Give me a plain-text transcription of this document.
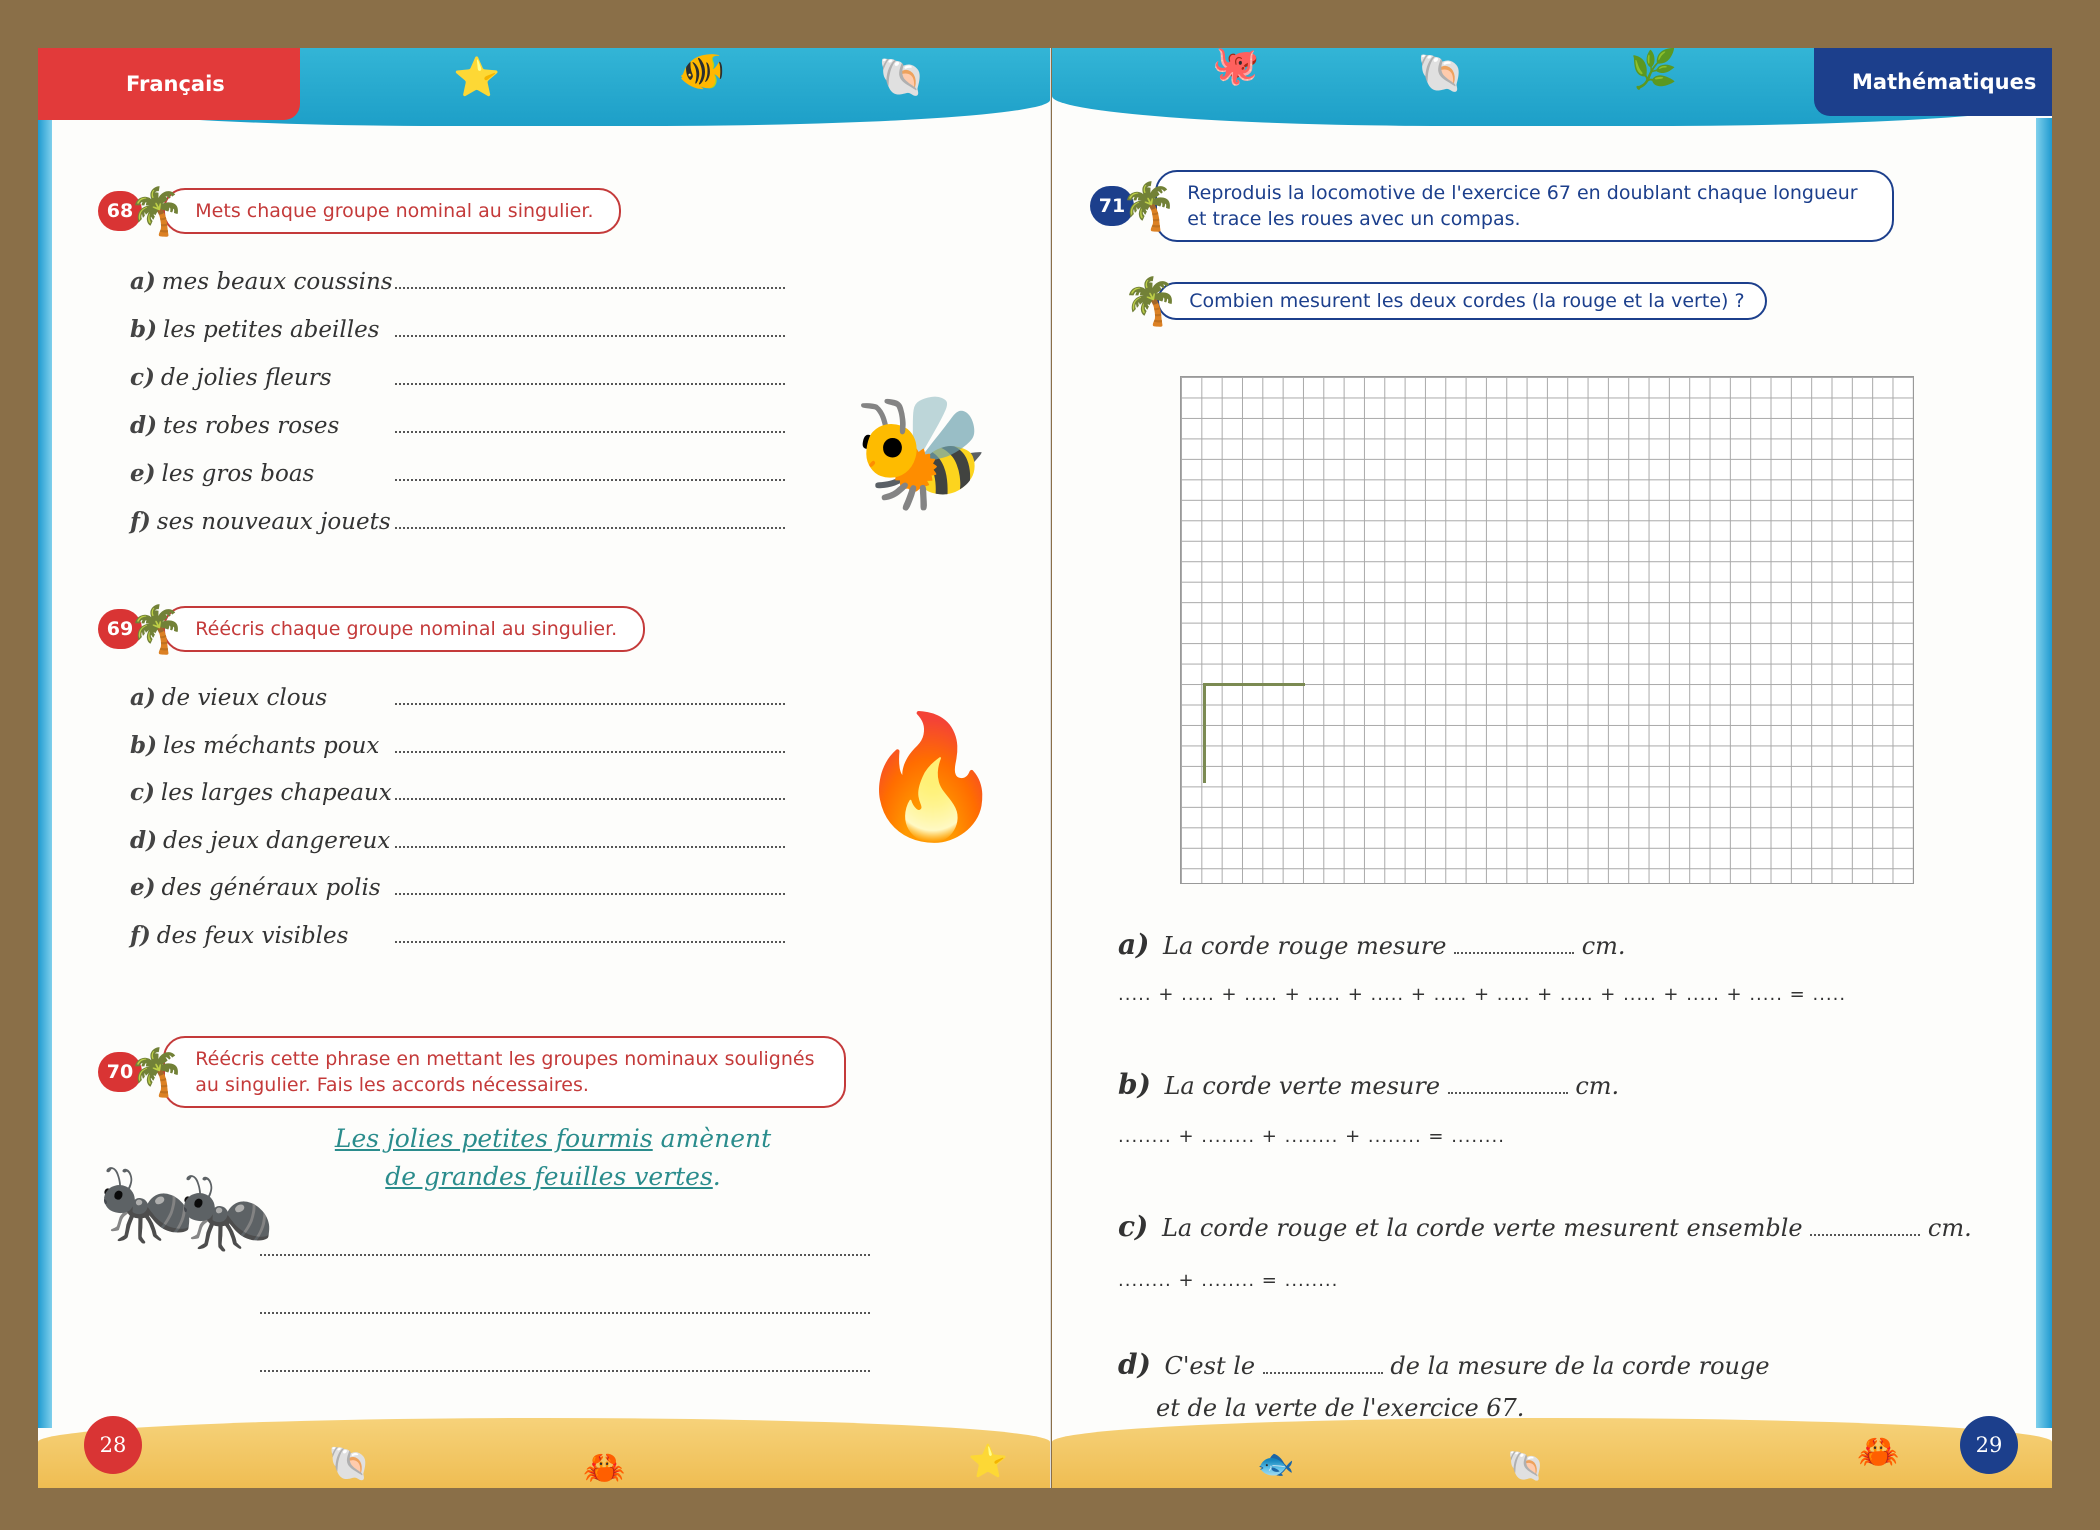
Français	⭐	🐠	🐚
🐚	🦀	⭐
68
🌴 Mets chaque groupe nominal au singulier.
a) mes beaux coussins
b) les petites abeilles
c) de jolies fleurs
d) tes robes roses
e) les gros boas
f) ses nouveaux jouets
69
🌴 Réécris chaque groupe nominal au singulier.
a) de vieux clous
b) les méchants poux
c) les larges chapeaux
d) des jeux dangereux
e) des généraux polis
f) des feux visibles
🐝
🔥
70
🌴 Réécris cette phrase en mettant les groupes nominaux soulignés
au singulier. Fais les accords nécessaires.
🐜
🐜
Les jolies petites fourmis amènent
de grandes feuilles vertes.
28
Mathématiques
🐙	🐚	🌿
🐟	🐚	🦀
71
🌴 Reproduis la locomotive de l'exercice 67 en doublant chaque longueur
et trace les roues avec un compas.
🌴 Combien mesurent les deux cordes (la rouge et la verte) ?
a) La corde rouge mesure	cm.
..... + ..... + ..... + ..... + ..... + ..... + ..... + ..... + ..... + ..... + ..... = .....
b) La corde verte mesure	cm.
........ + ........ + ........ + ........ = ........
c) La corde rouge et la corde verte mesurent ensemble	cm.
........ + ........ = ........
d) C'est le	de la mesure de la corde rouge
et de la verte de l'exercice 67.
29
